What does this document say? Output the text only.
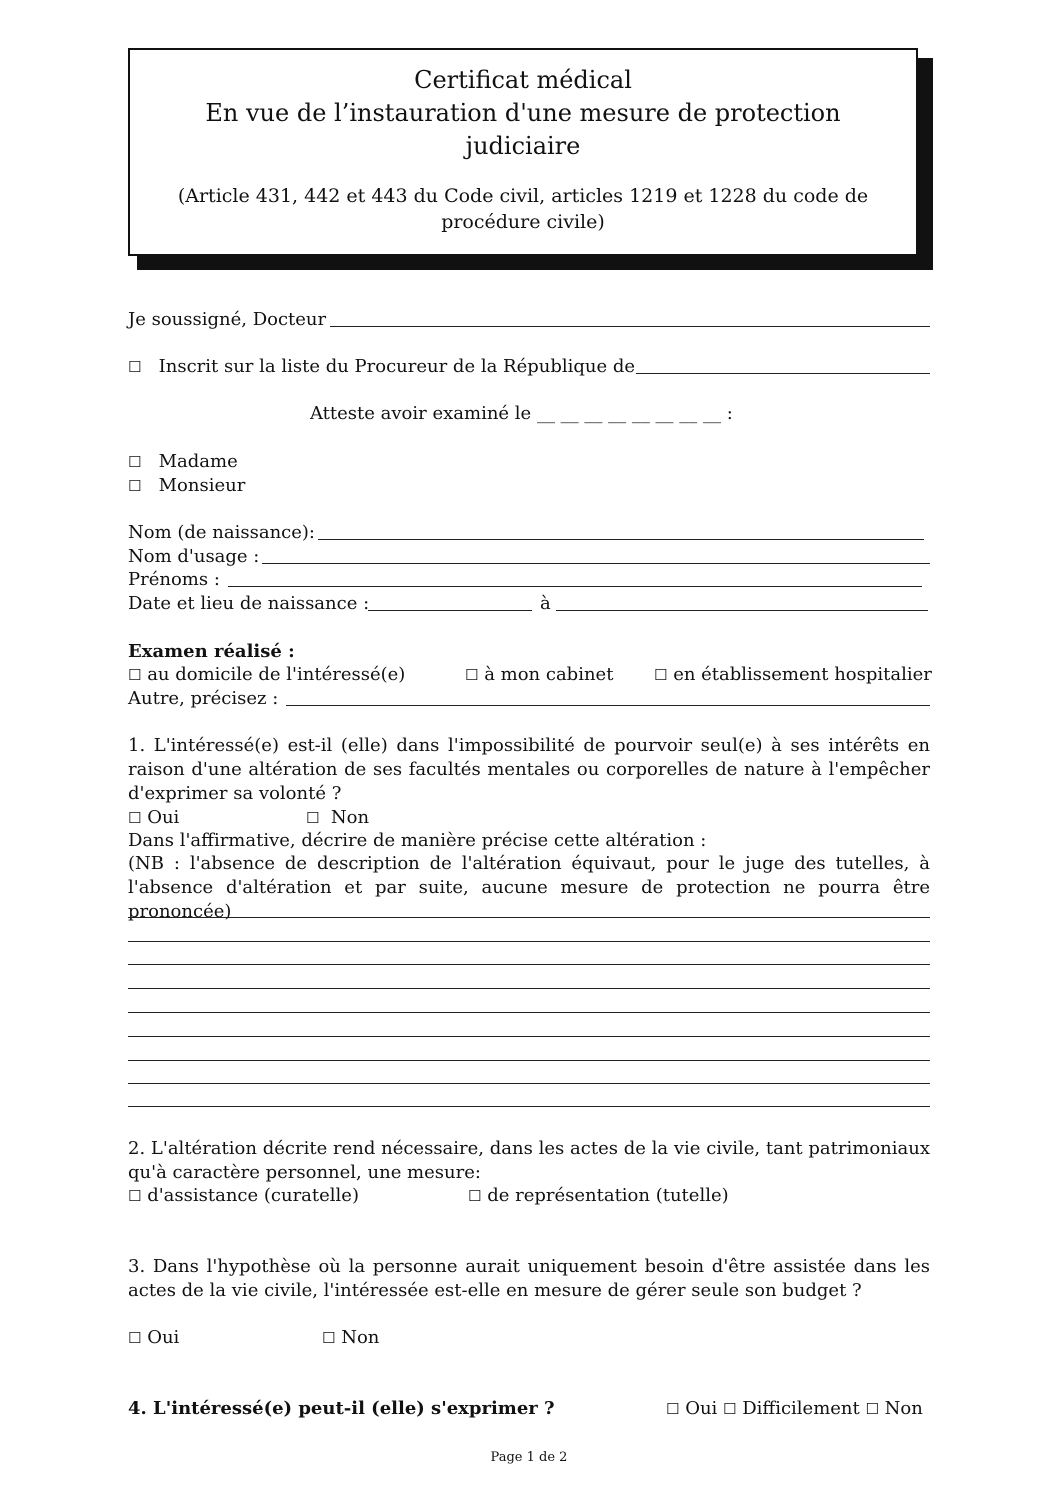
Certificat médical
En vue de l’instauration d'une mesure de protection
judiciaire
(Article 431, 442 et 443 du Code civil, articles 1219 et 1228 du code de procédure civile)
Je soussigné, Docteur
☐ Inscrit sur la liste du Procureur de la République de
Atteste avoir examiné le __ __ __ __ __ __ __ __ :
☐ Madame
☐ Monsieur
Nom (de naissance):
Nom d'usage :
Prénoms :
Date et lieu de naissance :	à
Examen réalisé :
☐ au domicile de l'intéressé(e)	☐ à mon cabinet	☐ en établissement hospitalier
Autre, précisez :
1. L'intéressé(e) est-il (elle) dans l'impossibilité de pourvoir seul(e) à ses intérêts en raison d'une altération de ses facultés mentales ou corporelles de nature à l'empêcher d'exprimer sa volonté ?
☐ Oui	☐ Non
Dans l'affirmative, décrire de manière précise cette altération :
(NB : l'absence de description de l'altération équivaut, pour le juge des tutelles, à l'absence d'altération et par suite, aucune mesure de protection ne pourra être prononcée)
2. L'altération décrite rend nécessaire, dans les actes de la vie civile, tant patrimoniaux qu'à caractère personnel, une mesure:
☐ d'assistance (curatelle)	☐ de représentation (tutelle)
3. Dans l'hypothèse où la personne aurait uniquement besoin d'être assistée dans les actes de la vie civile, l'intéressée est-elle en mesure de gérer seule son budget ?
☐ Oui	☐ Non
4. L'intéressé(e) peut-il (elle) s'exprimer ?	☐ Oui ☐ Difficilement ☐ Non
Page 1 de 2
